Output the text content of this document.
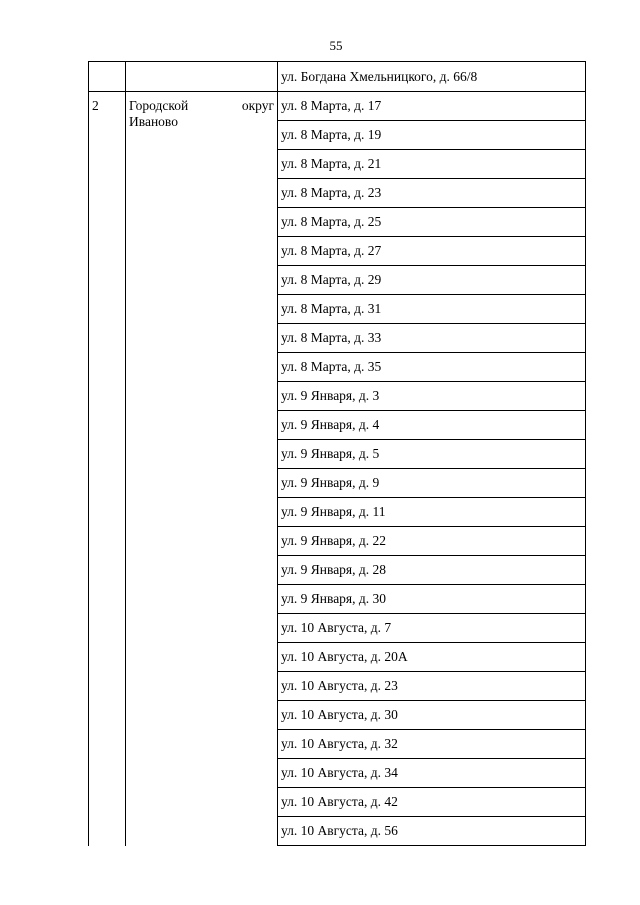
55
		ул. Богдана Хмельницкого, д. 66/8
2	Городской округ
Иваново	ул. 8 Марта, д. 17
		ул. 8 Марта, д. 19
		ул. 8 Марта, д. 21
		ул. 8 Марта, д. 23
		ул. 8 Марта, д. 25
		ул. 8 Марта, д. 27
		ул. 8 Марта, д. 29
		ул. 8 Марта, д. 31
		ул. 8 Марта, д. 33
		ул. 8 Марта, д. 35
		ул. 9 Января, д. 3
		ул. 9 Января, д. 4
		ул. 9 Января, д. 5
		ул. 9 Января, д. 9
		ул. 9 Января, д. 11
		ул. 9 Января, д. 22
		ул. 9 Января, д. 28
		ул. 9 Января, д. 30
		ул. 10 Августа, д. 7
		ул. 10 Августа, д. 20А
		ул. 10 Августа, д. 23
		ул. 10 Августа, д. 30
		ул. 10 Августа, д. 32
		ул. 10 Августа, д. 34
		ул. 10 Августа, д. 42
		ул. 10 Августа, д. 56
